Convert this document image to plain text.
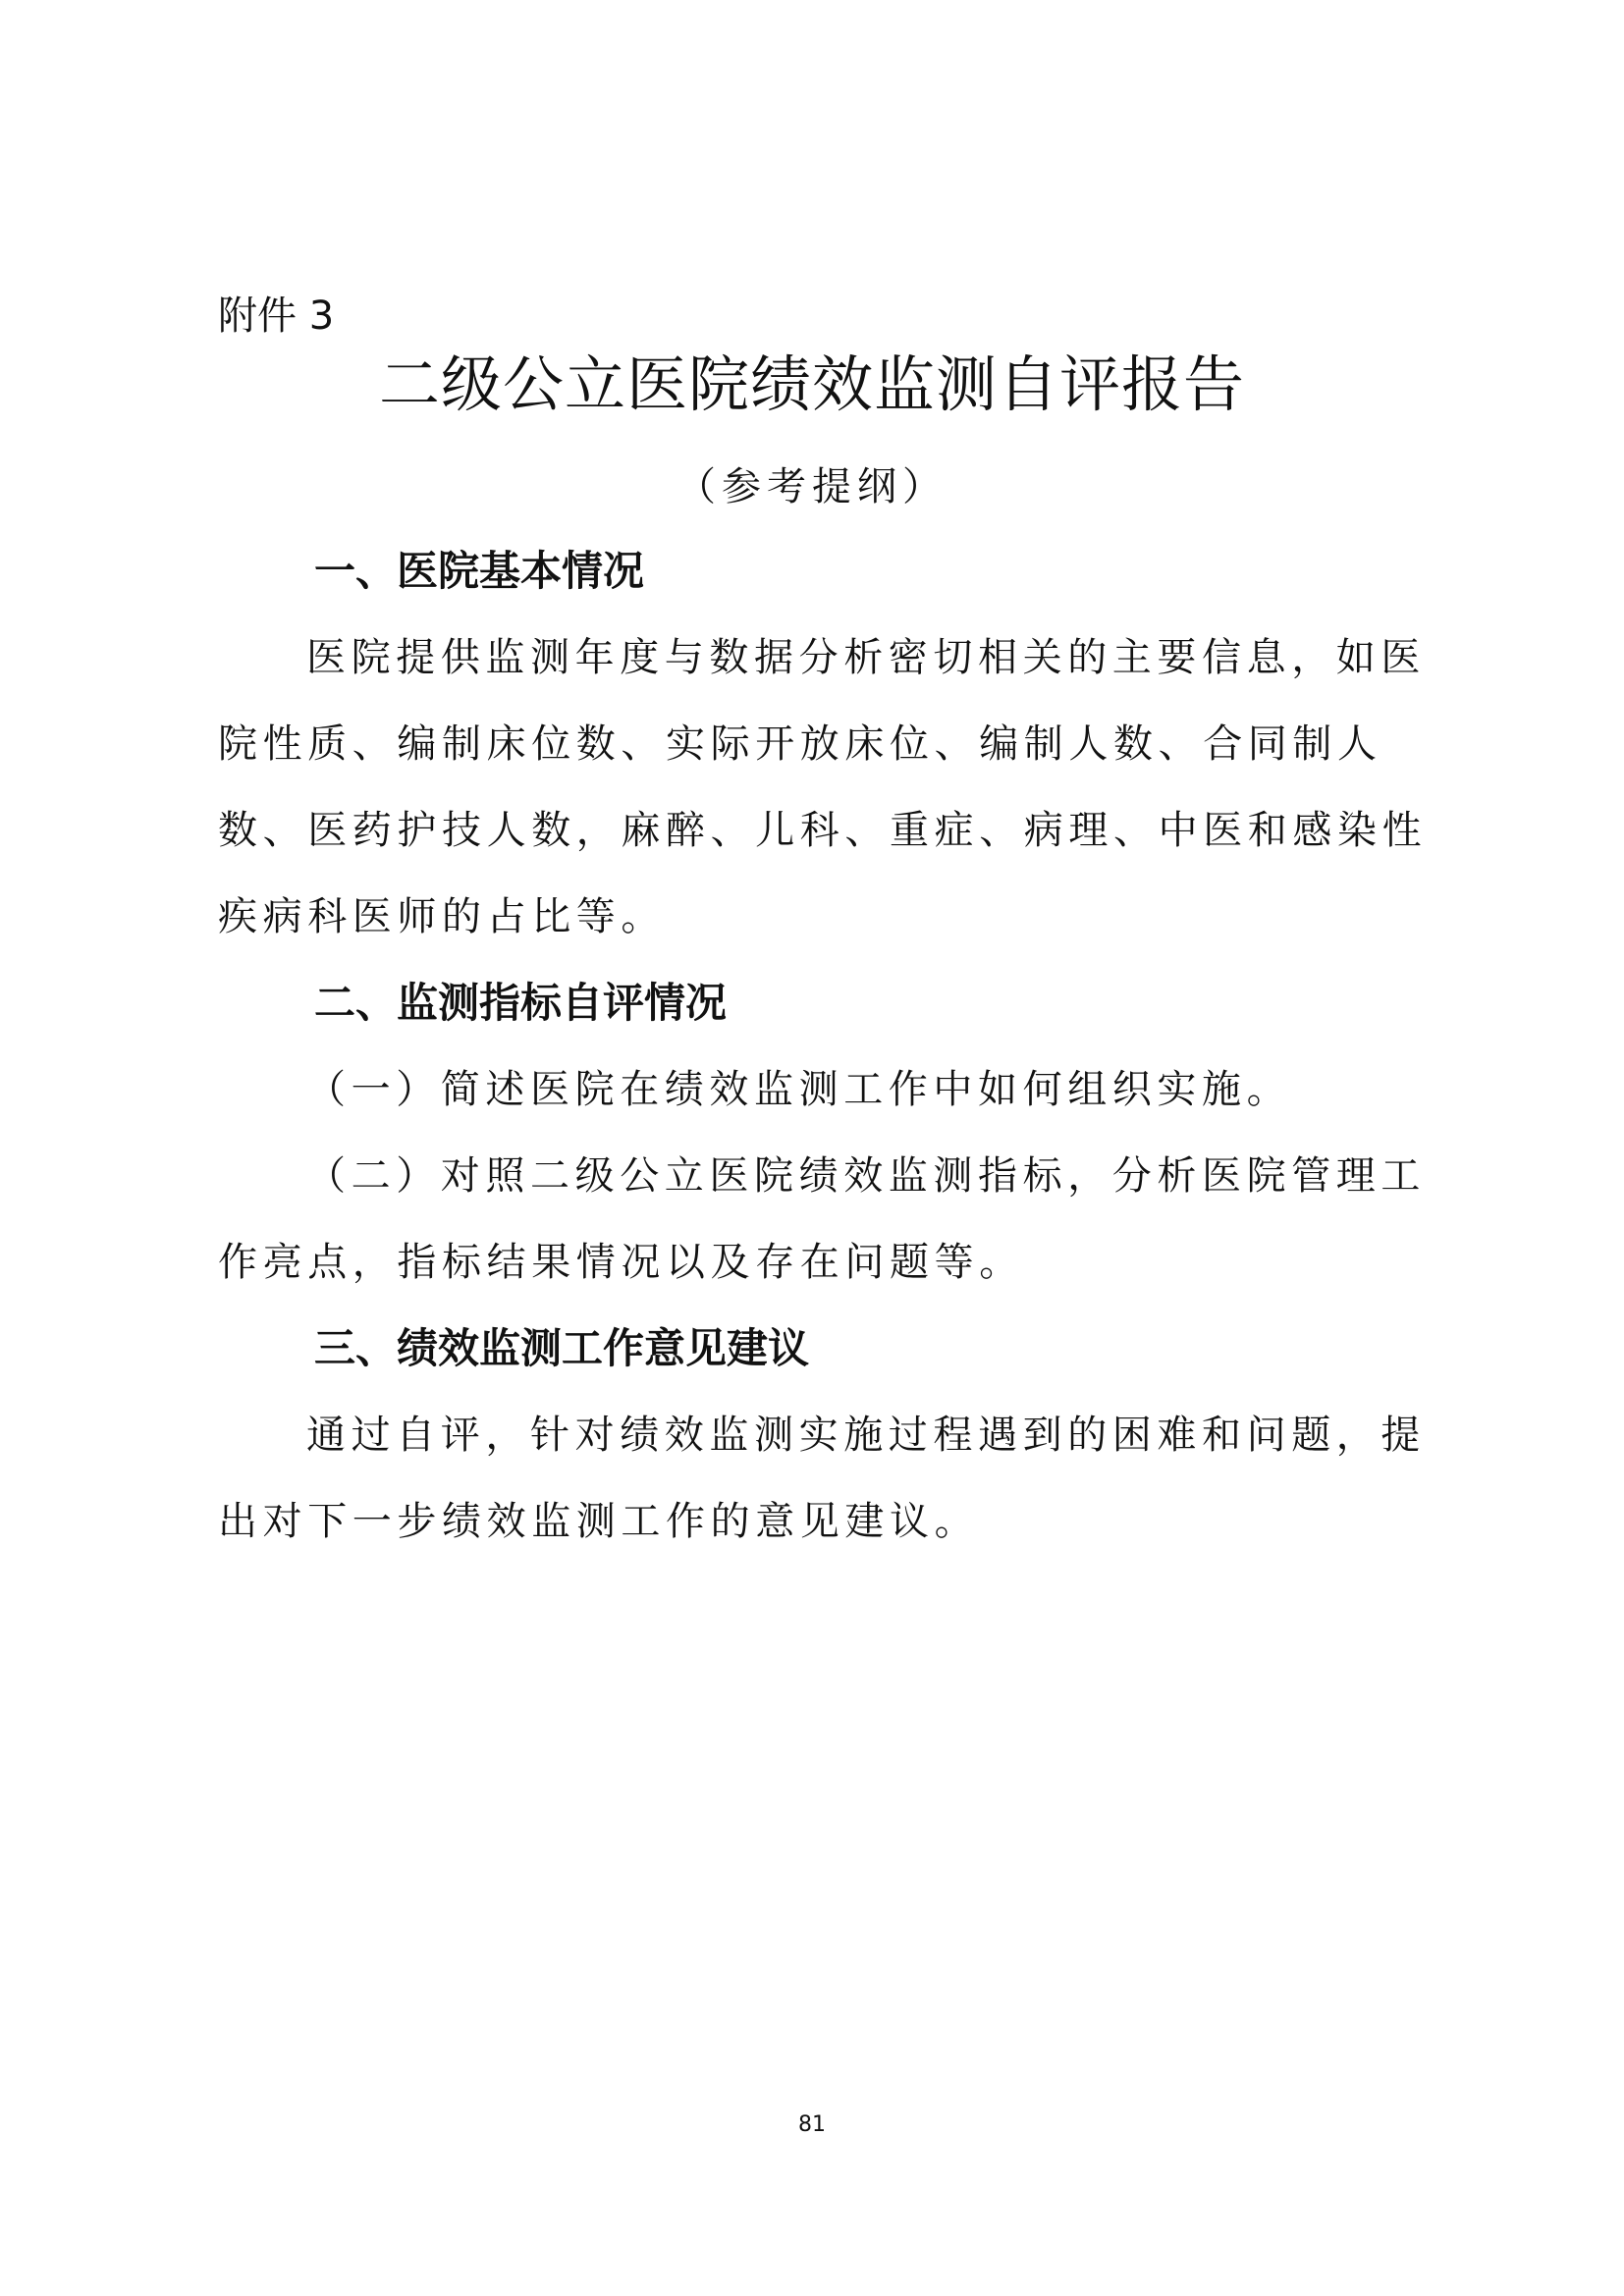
附件 3
二级公立医院绩效监测自评报告
（参考提纲）
一、医院基本情况

医院提供监测年度与数据分析密切相关的主要信息，如医院性质、编制床位数、实际开放床位、编制人数、合同制人数、医药护技人数，麻醉、儿科、重症、病理、中医和感染性疾病科医师的占比等。

二、监测指标自评情况

（一）简述医院在绩效监测工作中如何组织实施。

（二）对照二级公立医院绩效监测指标，分析医院管理工作亮点，指标结果情况以及存在问题等。

三、绩效监测工作意见建议

通过自评，针对绩效监测实施过程遇到的困难和问题，提出对下一步绩效监测工作的意见建议。

81
